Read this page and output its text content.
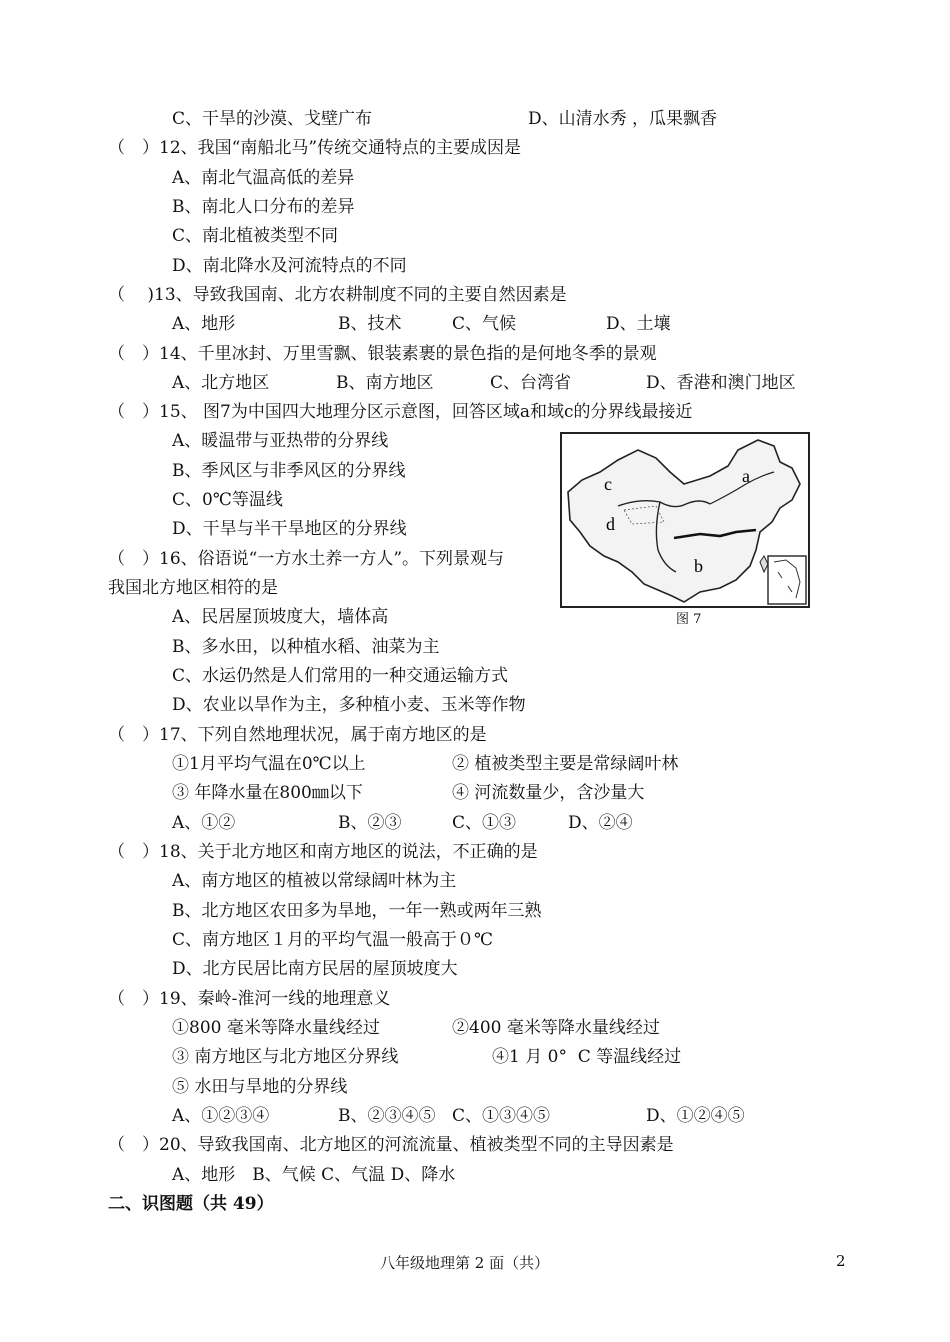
C、干旱的沙漠、戈壁广布	D、山清水秀 ，瓜果飘香
（　）12、我国“南船北马”传统交通特点的主要成因是
A、南北气温高低的差异
B、南北人口分布的差异
C、南北植被类型不同
D、南北降水及河流特点的不同
（　 )13、导致我国南、北方农耕制度不同的主要自然因素是
A、地形	B、技术	C、气候	D、土壤
（　）14、千里冰封、万里雪飘、银装素裹的景色指的是何地冬季的景观
A、北方地区	B、南方地区	C、台湾省	D、香港和澳门地区
（　）15、 图7为中国四大地理分区示意图，回答区域a和域c的分界线最接近
A、暖温带与亚热带的分界线
B、季风区与非季风区的分界线
C、0℃等温线
D、干旱与半干旱地区的分界线
（　）16、俗语说“一方水土养一方人”。下列景观与
我国北方地区相符的是
A、民居屋顶坡度大，墙体高
B、多水田，以种植水稻、油菜为主
C、水运仍然是人们常用的一种交通运输方式
D、农业以旱作为主，多种植小麦、玉米等作物
（　）17、下列自然地理状况，属于南方地区的是
①1月平均气温在0℃以上	② 植被类型主要是常绿阔叶林
③ 年降水量在800㎜以下	④ 河流数量少，含沙量大
A、①②	B、②③	C、①③	D、②④
（　）18、关于北方地区和南方地区的说法，不正确的是
A、南方地区的植被以常绿阔叶林为主
B、北方地区农田多为旱地，一年一熟或两年三熟
C、南方地区１月的平均气温一般高于０℃
D、北方民居比南方民居的屋顶坡度大
（　）19、秦岭-淮河一线的地理意义
①800 毫米等降水量线经过	②400 毫米等降水量线经过
③ 南方地区与北方地区分界线	④1 月 0°  C 等温线经过
⑤ 水田与旱地的分界线
A、①②③④	B、②③④⑤ C、①③④⑤	D、①②④⑤
（　）20、导致我国南、北方地区的河流流量、植被类型不同的主导因素是
A、地形　B、气候 C、气温 D、降水
二、识图题（共 49）
a
b
c
d
图 7
八年级地理第 2 面（共）	2
